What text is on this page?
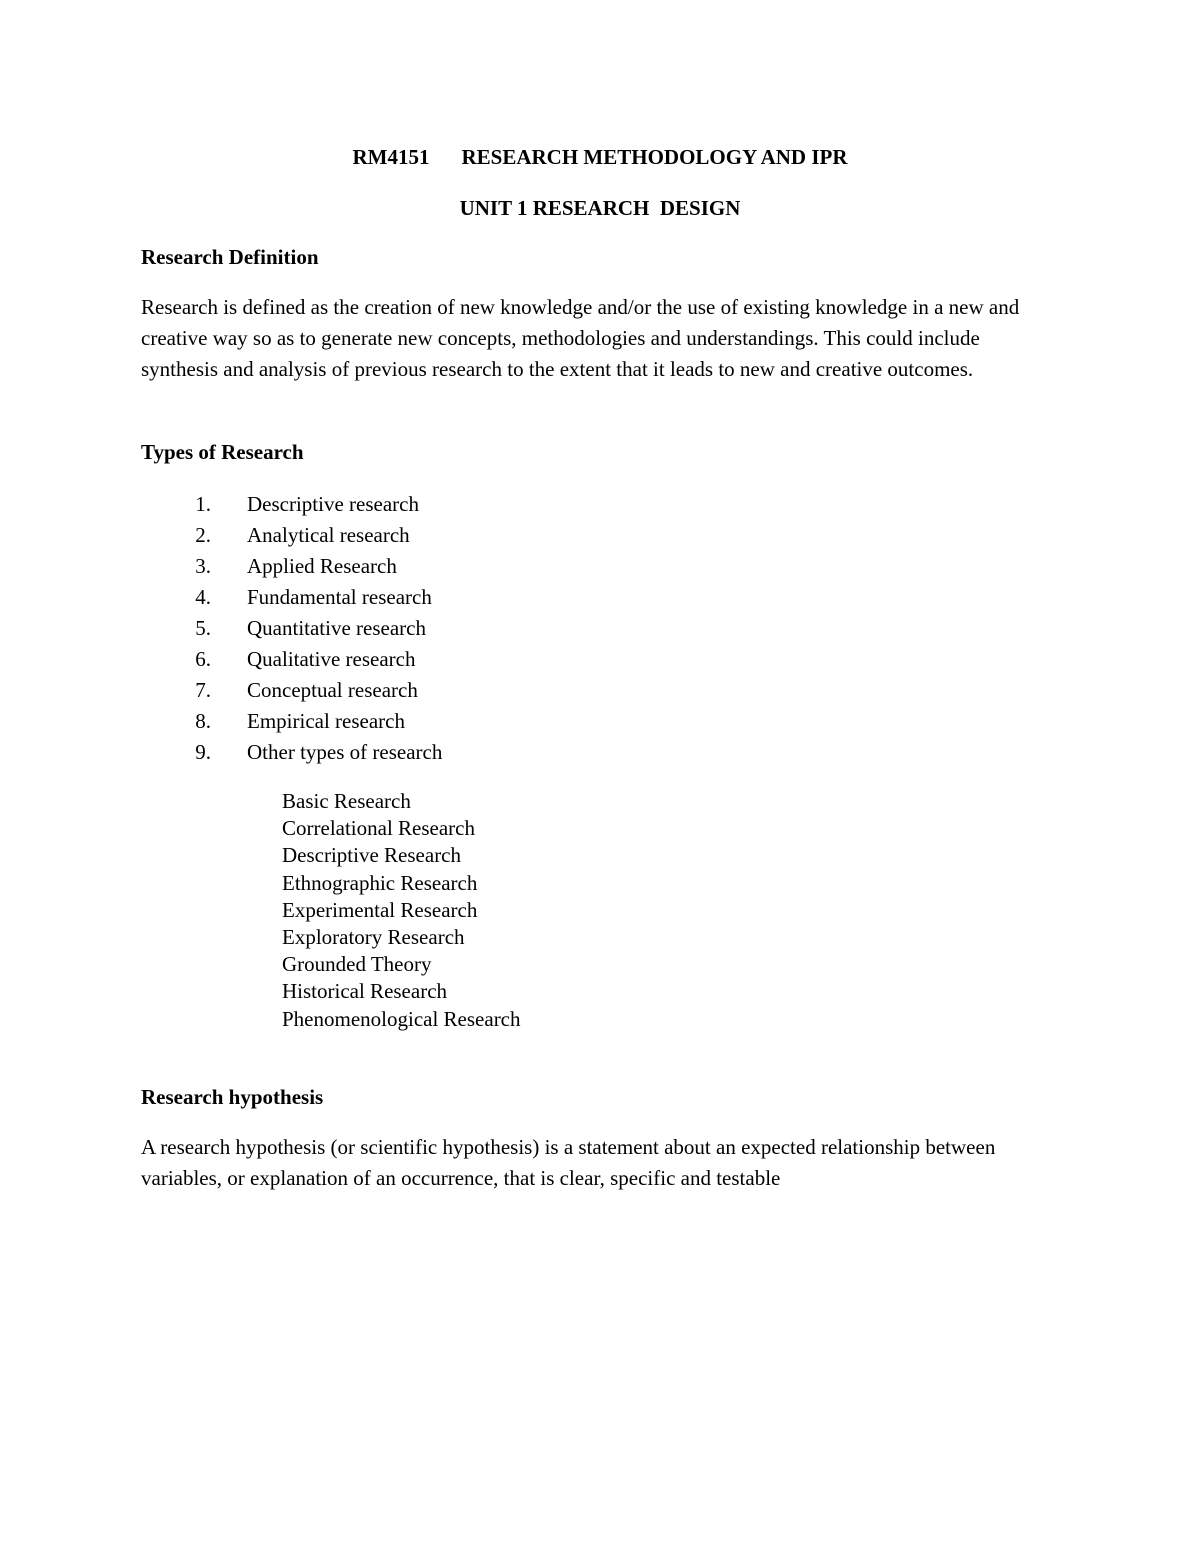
RM4151 RESEARCH METHODOLOGY AND IPR
UNIT 1 RESEARCH  DESIGN
Research Definition
Research is defined as the creation of new knowledge and/or the use of existing knowledge in a new and creative way so as to generate new concepts, methodologies and understandings. This could include synthesis and analysis of previous research to the extent that it leads to new and creative outcomes.
Types of Research
1. Descriptive research
2. Analytical research
3. Applied Research
4. Fundamental research
5. Quantitative research
6. Qualitative research
7. Conceptual research
8. Empirical research
9. Other types of research
Basic Research
Correlational Research
Descriptive Research
Ethnographic Research
Experimental Research
Exploratory Research
Grounded Theory
Historical Research
Phenomenological Research
Research hypothesis
A research hypothesis (or scientific hypothesis) is a statement about an expected relationship between variables, or explanation of an occurrence, that is clear, specific and testable
